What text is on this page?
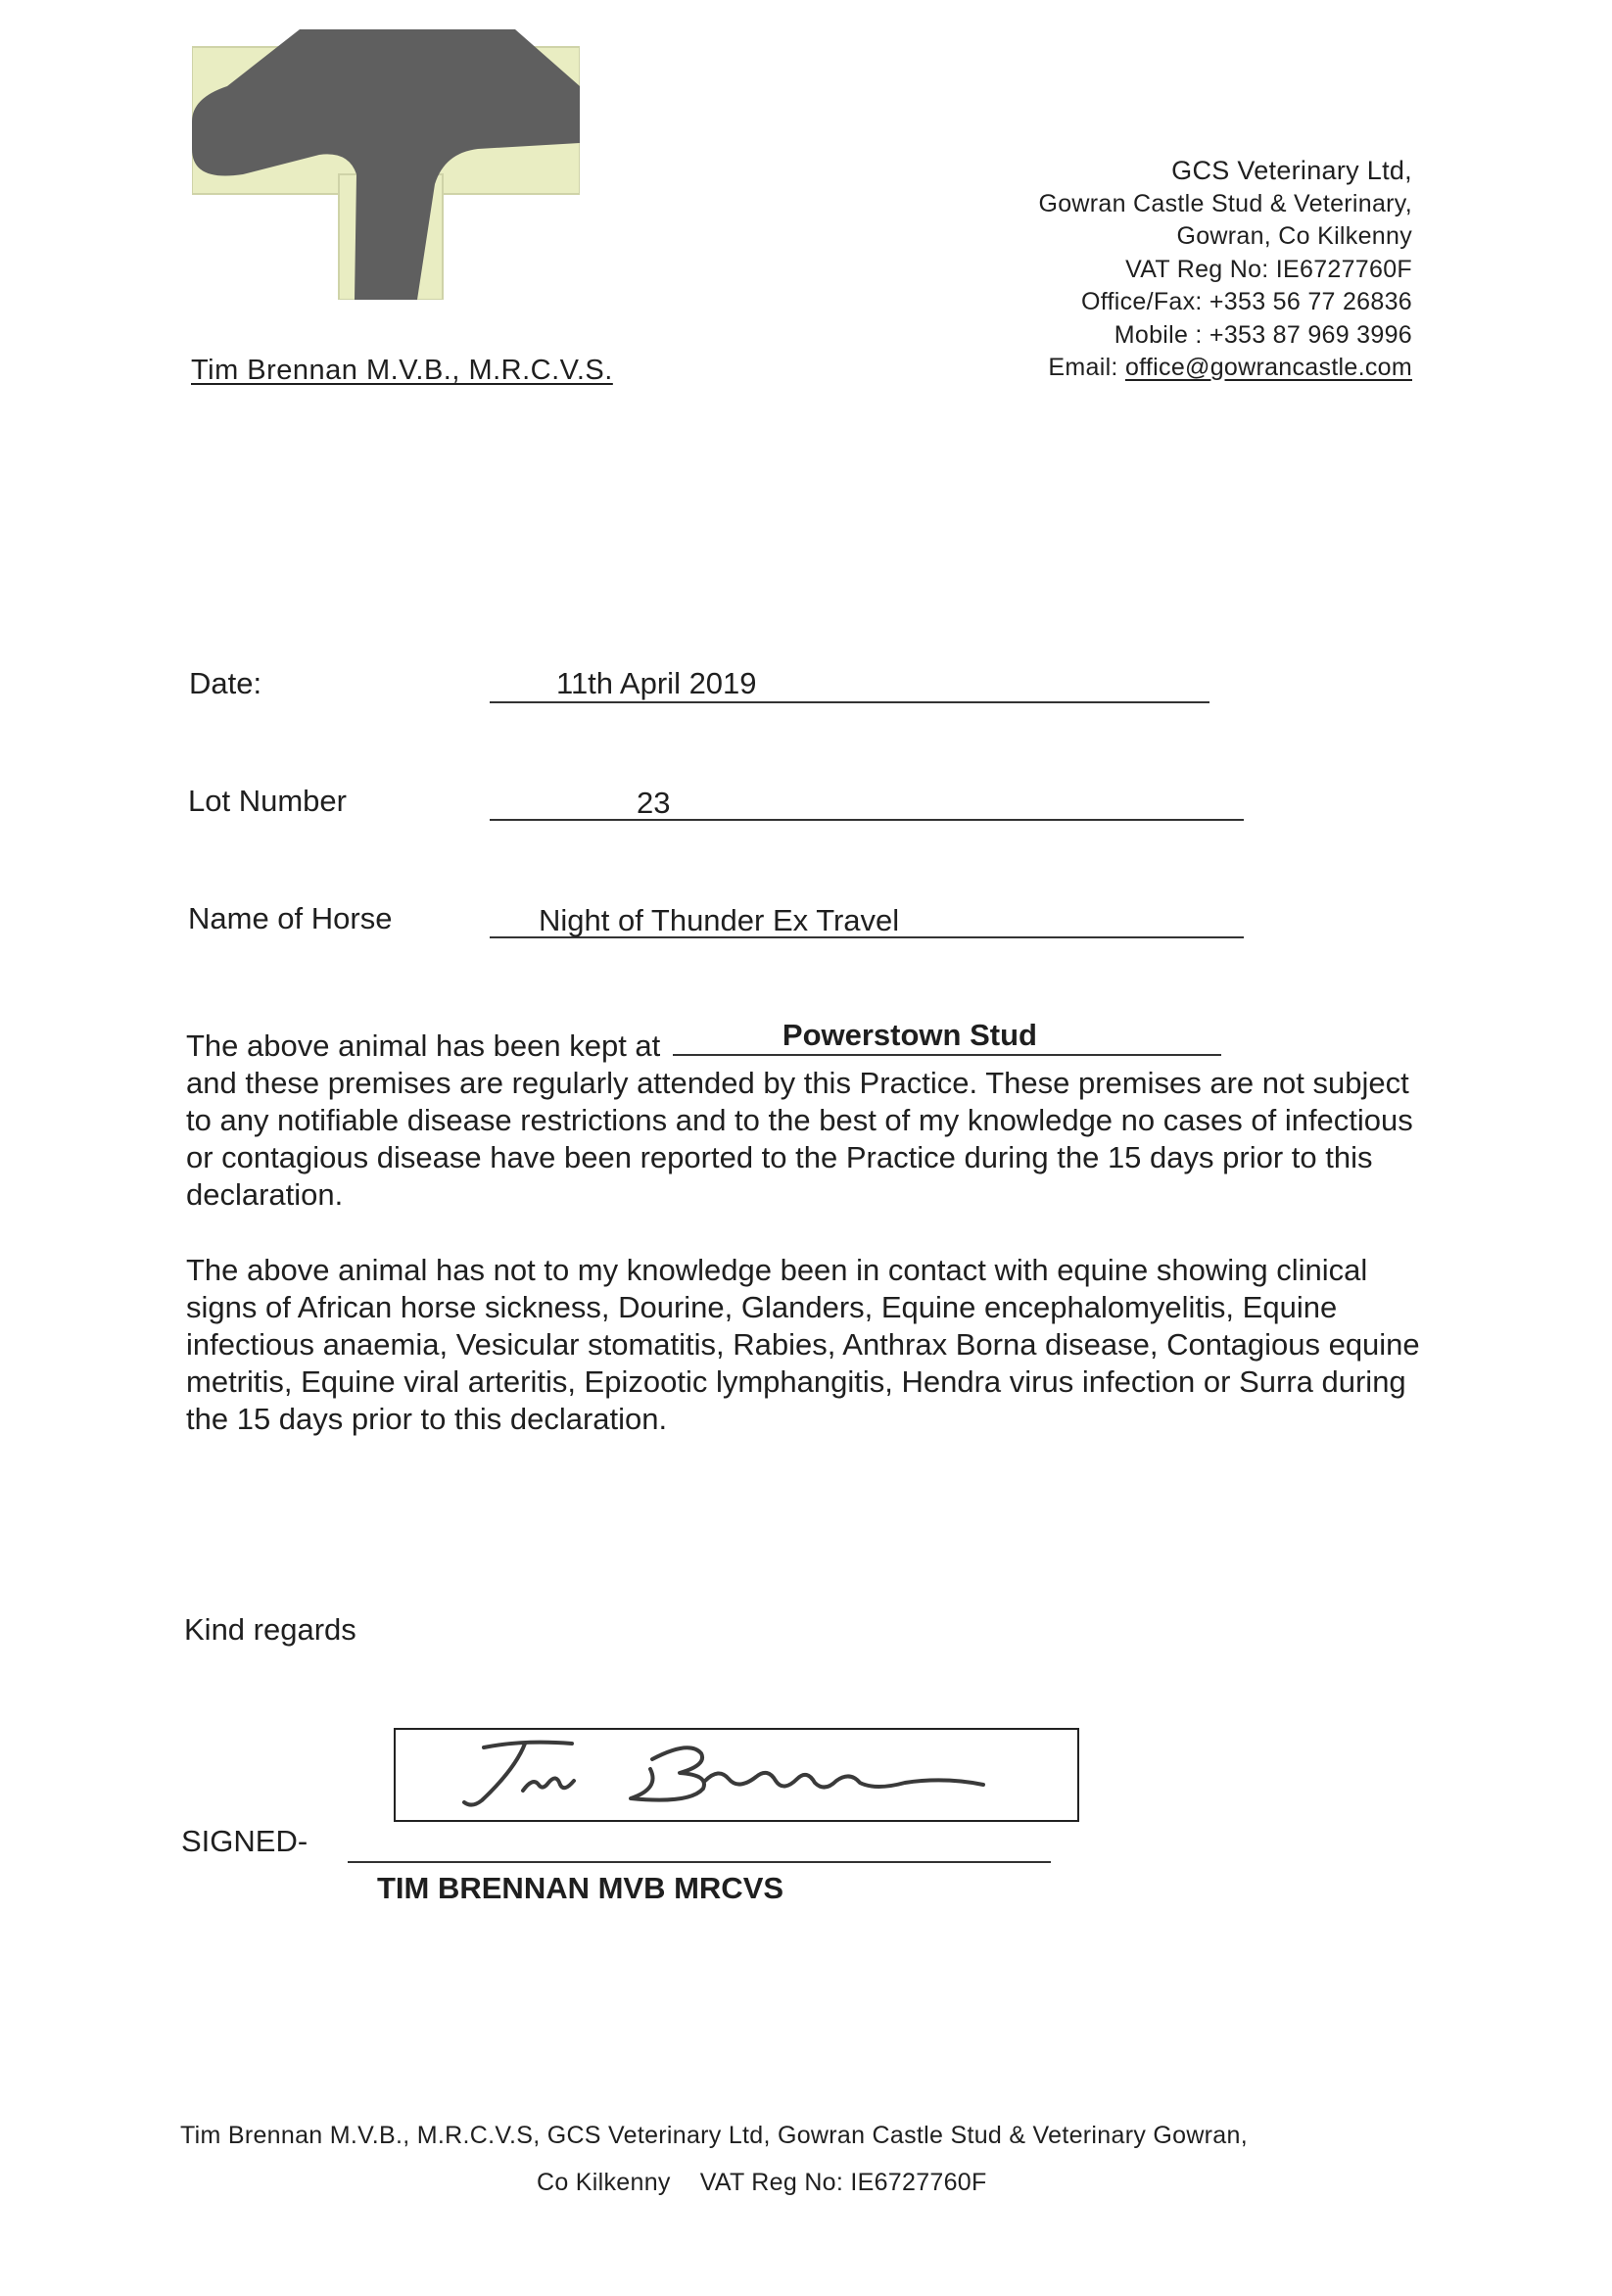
Tim Brennan M.V.B., M.R.C.V.S.
GCS Veterinary Ltd,
Gowran Castle Stud & Veterinary,
Gowran, Co Kilkenny
VAT Reg No: IE6727760F
Office/Fax: +353 56 77 26836
Mobile : +353 87 969 3996
Email: office@gowrancastle.com
Date:	11th April 2019
Lot Number	23
Name of Horse	Night of Thunder Ex Travel
The above animal has been kept at	Powerstown Stud

and these premises are regularly attended by this Practice. These premises are not subject to any notifiable disease restrictions and to the best of my knowledge no cases of infectious or contagious disease have been reported to the Practice during the 15 days prior to this declaration.
The above animal has not to my knowledge been in contact with equine showing clinical signs of African horse sickness, Dourine, Glanders, Equine encephalomyelitis, Equine infectious anaemia, Vesicular stomatitis, Rabies, Anthrax Borna disease, Contagious equine metritis, Equine viral arteritis, Epizootic lymphangitis, Hendra virus infection or Surra during the 15 days prior to this declaration.
Kind regards
SIGNED-
TIM BRENNAN MVB MRCVS
Tim Brennan M.V.B., M.R.C.V.S, GCS Veterinary Ltd, Gowran Castle Stud & Veterinary Gowran,
Co Kilkenny VAT Reg No: IE6727760F
